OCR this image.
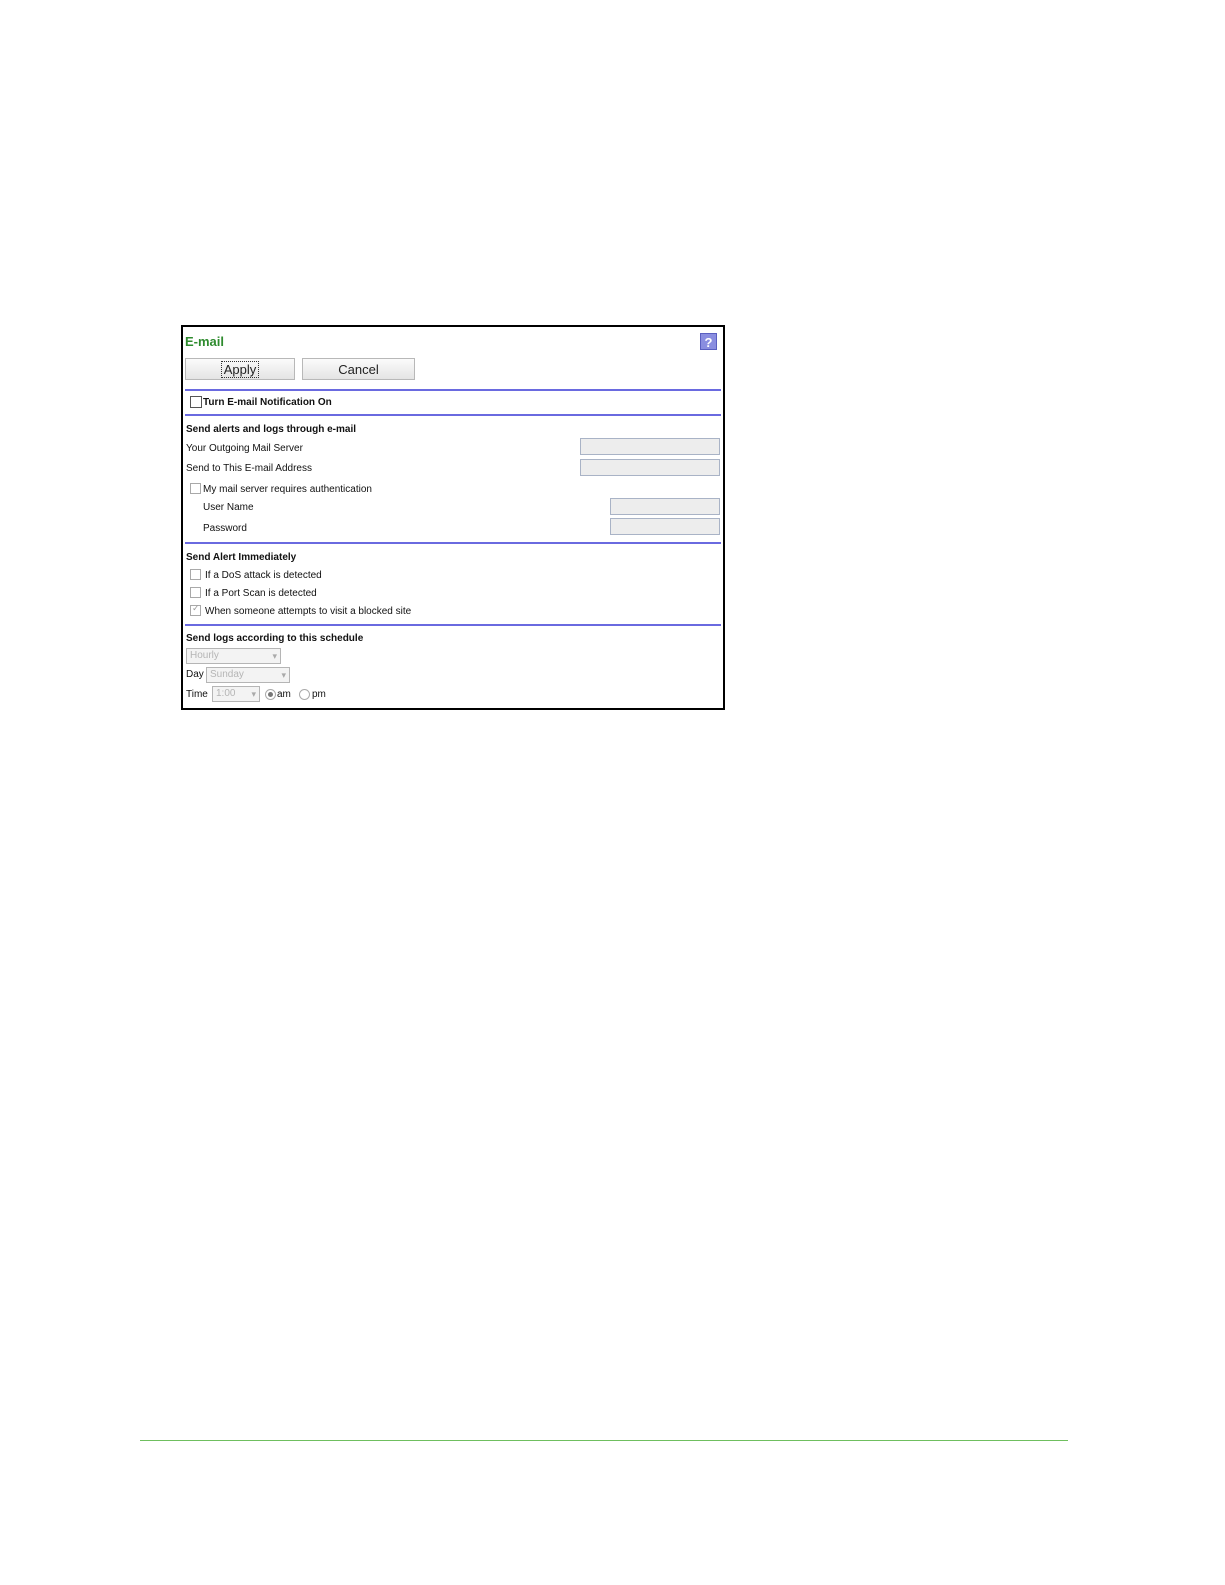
E-mail	?
Apply	Cancel
Turn E-mail Notification On
Send alerts and logs through e-mail
Your Outgoing Mail Server
Send to This E-mail Address
My mail server requires authentication
User Name
Password
Send Alert Immediately
If a DoS attack is detected
If a Port Scan is detected
✓ When someone attempts to visit a blocked site
Send logs according to this schedule
Hourly	▾
Day Sunday	▾
Time 1:00 ▾ am pm
